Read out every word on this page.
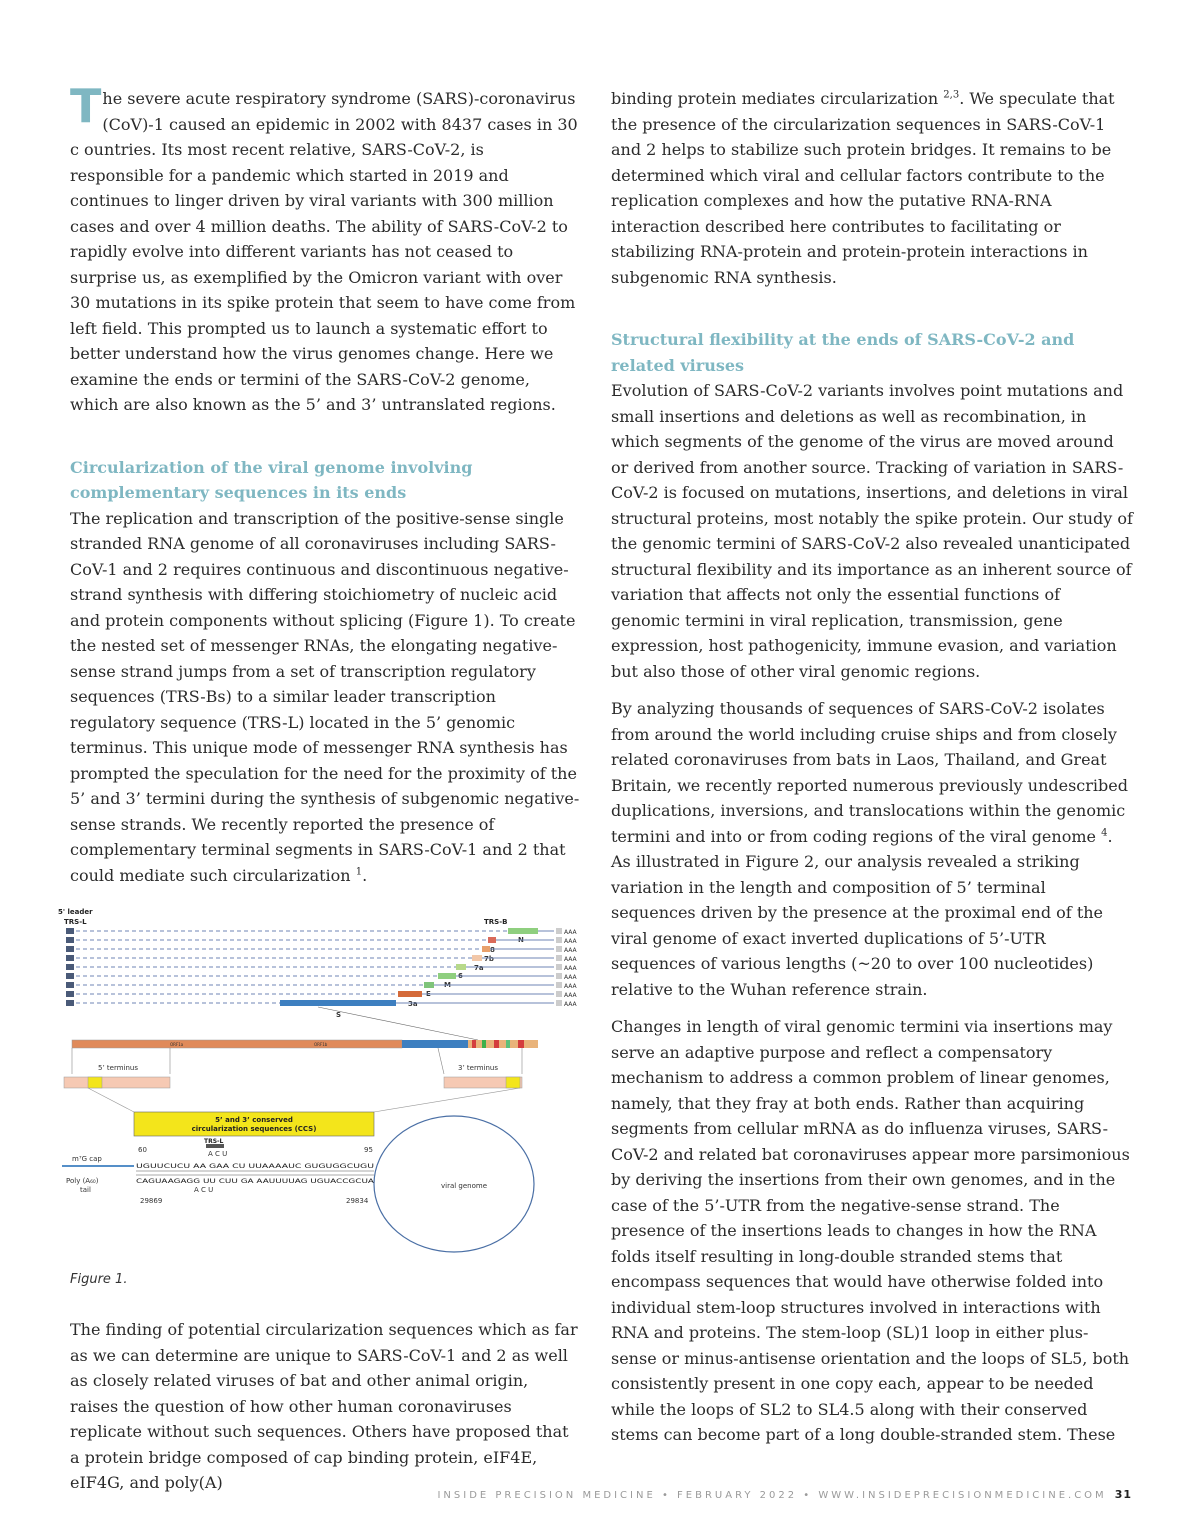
The severe acute respiratory syndrome (SARS)-coronavirus (CoV)-1 caused an epidemic in 2002 with 8437 cases in 30 c ountries. Its most recent relative, SARS-CoV-2, is responsible for a pandemic which started in 2019 and continues to linger driven by viral variants with 300 million cases and over 4 million deaths. The ability of SARS-CoV-2 to rapidly evolve into different variants has not ceased to surprise us, as exemplified by the Omicron variant with over 30 mutations in its spike protein that seem to have come from left field. This prompted us to launch a systematic effort to better understand how the virus genomes change. Here we examine the ends or termini of the SARS-CoV-2 genome, which are also known as the 5’ and 3’ untranslated regions.

Circularization of the viral genome involving complementary sequences in its ends

The replication and transcription of the positive-sense single stranded RNA genome of all coronaviruses including SARS-CoV-1 and 2 requires continuous and discontinuous negative-strand synthesis with differing stoichiometry of nucleic acid and protein components without splicing (Figure 1). To create the nested set of messenger RNAs, the elongating negative-sense strand jumps from a set of transcription regulatory sequences (TRS-Bs) to a similar leader transcription regulatory sequence (TRS-L) located in the 5’ genomic terminus. This unique mode of messenger RNA synthesis has prompted the speculation for the need for the proximity of the 5’ and 3’ termini during the synthesis of subgenomic negative-sense strands. We recently reported the presence of complementary terminal segments in SARS-CoV-1 and 2 that could mediate such circularization $^1$.

5' leader
TRS-L	TRS-B
AAA
N	AAA
8	AAA
7b	AAA
7a	AAA
6	AAA
M	AAA
E	AAA
3a	AAA
S
ORF1a	ORF1b
5’ terminus	3’ terminus
5’ and 3’ conserved
circularization sequences (CCS)
TRS-L
60	95
A C U
m⁷G cap
UGUUCUCU AA GAA CU UUAAAAUC GUGUGGCUGU
CAGUAAGAGG UU CUU GA AAUUUUAG UGUACCGCUA
Poly (A₆₀)
tail	A C U
29869	29834
viral genome
Figure 1.

The finding of potential circularization sequences which as far as we can determine are unique to SARS-CoV-1 and 2 as well as closely related viruses of bat and other animal origin, raises the question of how other human coronaviruses replicate without such sequences. Others have proposed that a protein bridge composed of cap binding protein, eIF4E, eIF4G, and poly(A)

binding protein mediates circularization $^{2,3}$. We speculate that the presence of the circularization sequences in SARS-CoV-1 and 2 helps to stabilize such protein bridges. It remains to be determined which viral and cellular factors contribute to the replication complexes and how the putative RNA-RNA interaction described here contributes to facilitating or stabilizing RNA-protein and protein-protein interactions in subgenomic RNA synthesis.

Structural flexibility at the ends of SARS-CoV-2 and related viruses

Evolution of SARS-CoV-2 variants involves point mutations and small insertions and deletions as well as recombination, in which segments of the genome of the virus are moved around or derived from another source. Tracking of variation in SARS-CoV-2 is focused on mutations, insertions, and deletions in viral structural proteins, most notably the spike protein. Our study of the genomic termini of SARS-CoV-2 also revealed unanticipated structural flexibility and its importance as an inherent source of variation that affects not only the essential functions of genomic termini in viral replication, transmission, gene expression, host pathogenicity, immune evasion, and variation but also those of other viral genomic regions.

By analyzing thousands of sequences of SARS-CoV-2 isolates from around the world including cruise ships and from closely related coronaviruses from bats in Laos, Thailand, and Great Britain, we recently reported numerous previously undescribed duplications, inversions, and translocations within the genomic termini and into or from coding regions of the viral genome $^4$. As illustrated in Figure 2, our analysis revealed a striking variation in the length and composition of 5’ terminal sequences driven by the presence at the proximal end of the viral genome of exact inverted duplications of 5’-UTR sequences of various lengths (~20 to over 100 nucleotides) relative to the Wuhan reference strain.

Changes in length of viral genomic termini via insertions may serve an adaptive purpose and reflect a compensatory mechanism to address a common problem of linear genomes, namely, that they fray at both ends. Rather than acquiring segments from cellular mRNA as do influenza viruses, SARS-CoV-2 and related bat coronaviruses appear more parsimonious by deriving the insertions from their own genomes, and in the case of the 5’-UTR from the negative-sense strand. The presence of the insertions leads to changes in how the RNA folds itself resulting in long-double stranded stems that encompass sequences that would have otherwise folded into individual stem-loop structures involved in interactions with RNA and proteins. The stem-loop (SL)1 loop in either plus-sense or minus-antisense orientation and the loops of SL5, both consistently present in one copy each, appear to be needed while the loops of SL2 to SL4.5 along with their conserved stems can become part of a long double-stranded stem. These

INSIDE PRECISION MEDICINE • FEBRUARY 2022 • WWW.INSIDEPRECISIONMEDICINE.COM 31
